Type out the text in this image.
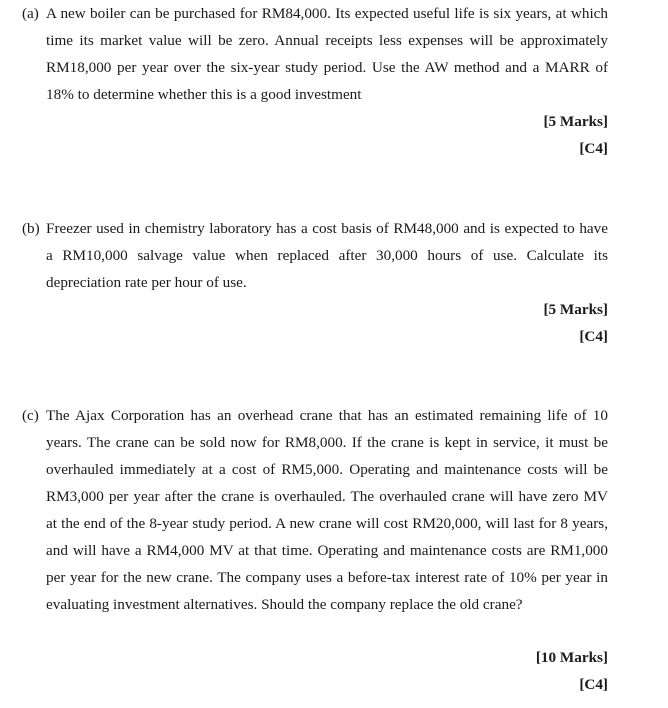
(a) A new boiler can be purchased for RM84,000. Its expected useful life is six years, at which
time its market value will be zero. Annual receipts less expenses will be approximately
RM18,000 per year over the six-year study period. Use the AW method and a MARR of
18% to determine whether this is a good investment
[5 Marks]
[C4]
(b) Freezer used in chemistry laboratory has a cost basis of RM48,000 and is expected to have
a RM10,000 salvage value when replaced after 30,000 hours of use. Calculate its
depreciation rate per hour of use.
[5 Marks]
[C4]
(c) The Ajax Corporation has an overhead crane that has an estimated remaining life of 10
years. The crane can be sold now for RM8,000. If the crane is kept in service, it must be
overhauled immediately at a cost of RM5,000. Operating and maintenance costs will be
RM3,000 per year after the crane is overhauled. The overhauled crane will have zero MV
at the end of the 8-year study period. A new crane will cost RM20,000, will last for 8 years,
and will have a RM4,000 MV at that time. Operating and maintenance costs are RM1,000
per year for the new crane. The company uses a before-tax interest rate of 10% per year in
evaluating investment alternatives. Should the company replace the old crane?
[10 Marks]
[C4]
